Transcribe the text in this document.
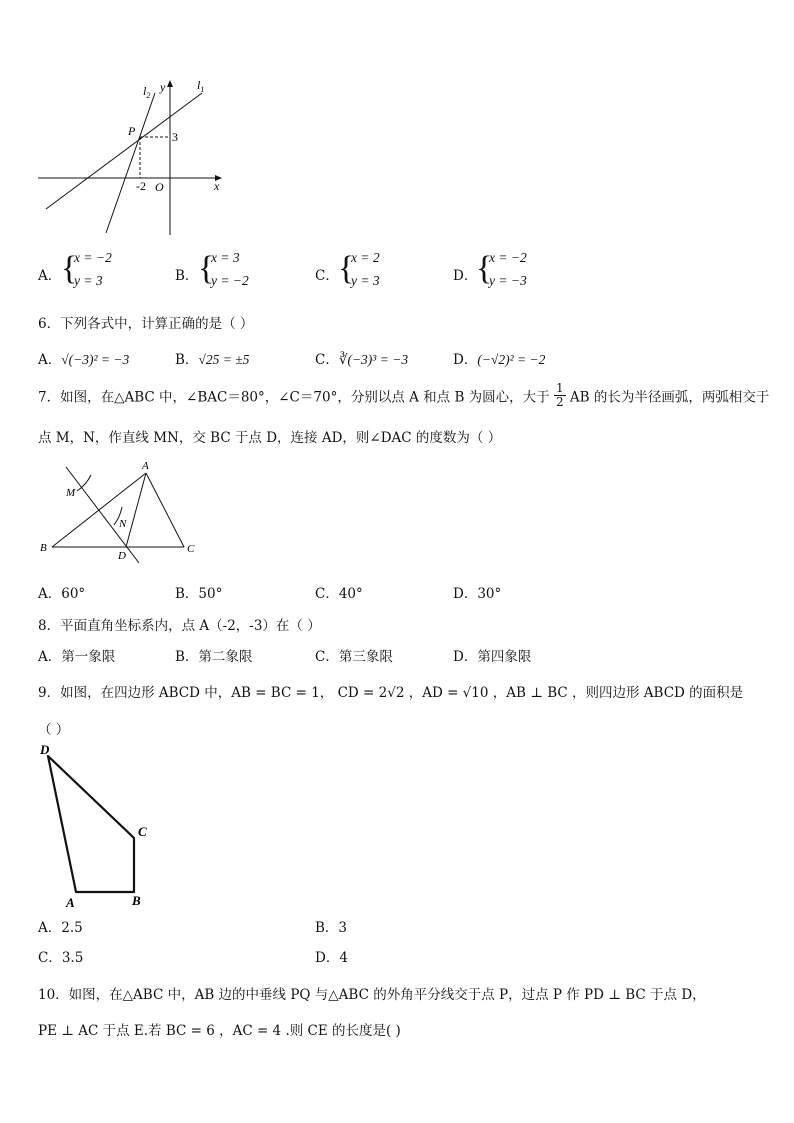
$l_2$
y	$l_1$
P	3
-2 O	x
A． {
x = −2
y = 3	B． {
x = 3
y = −2	C． {
x = 2
y = 3	D．
{
x = −2
y = −3
6．下列各式中，计算正确的是（ ）
A．√(−3)² = −3	B．√25 = ±5	C．∛(−3)³ = −3	D．(−√2)² = −2
7．如图，在△ABC 中，∠BAC＝80°，∠C＝70°，分别以点 A 和点 B 为圆心，大于 $\frac{1}{2}$ AB 的长为半径画弧，两弧相交于
点 M，N，作直线 MN，交 BC 于点 D，连接 AD，则∠DAC 的度数为（ ）
A
M
N
B
D
C
A．60°	B．50°	C．40°	D．30°
8．平面直角坐标系内，点 A（-2，-3）在（ ）
A．第一象限	B．第二象限	C．第三象限	D．第四象限
9．如图，在四边形 ABCD 中，AB = BC = 1， CD = 2√2 ，AD = √10 ，AB ⊥ BC ，则四边形 ABCD 的面积是
（ ）
D
C
A	B
A．2.5	B．3
C．3.5	D．4
10．如图，在△ABC 中，AB 边的中垂线 PQ 与△ABC 的外角平分线交于点 P，过点 P 作 PD ⊥ BC 于点 D，
PE ⊥ AC 于点 E.若 BC = 6 ，AC = 4 .则 CE 的长度是( )
